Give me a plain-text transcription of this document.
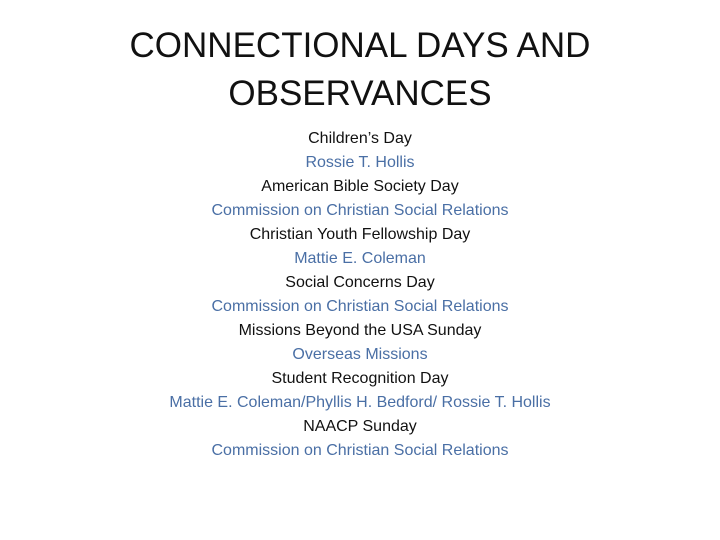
CONNECTIONAL DAYS AND
OBSERVANCES
Children’s Day
Rossie T. Hollis
American Bible Society Day
Commission on Christian Social Relations
Christian Youth Fellowship Day
Mattie E. Coleman
Social Concerns Day
Commission on Christian Social Relations
Missions Beyond the USA Sunday
Overseas Missions
Student Recognition Day
Mattie E. Coleman/Phyllis H. Bedford/ Rossie T. Hollis
NAACP Sunday
Commission on Christian Social Relations
